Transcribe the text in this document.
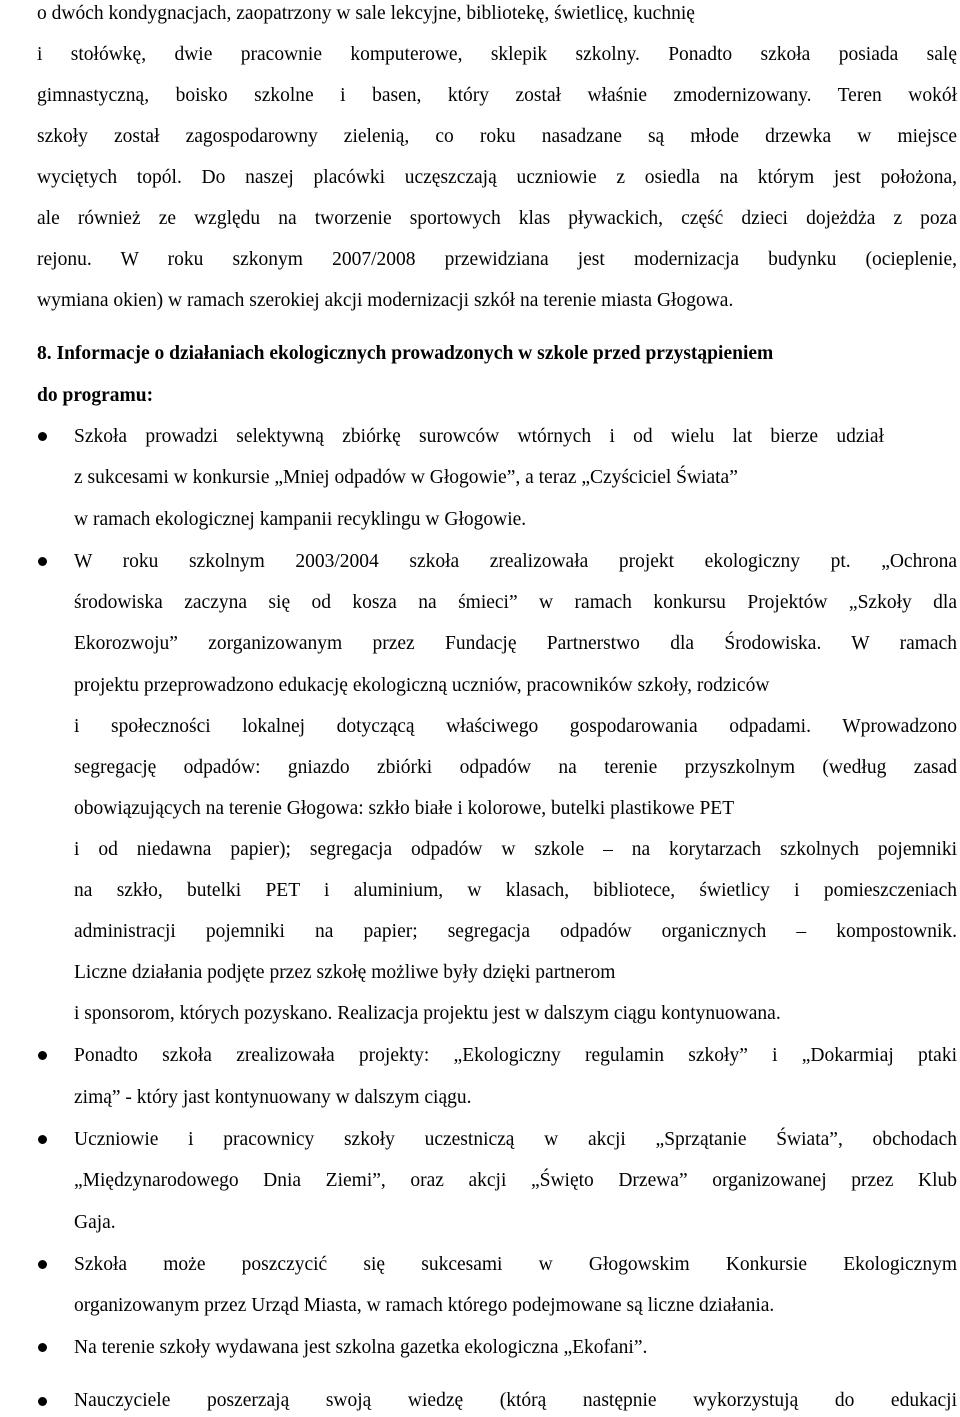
o dwóch kondygnacjach, zaopatrzony w sale lekcyjne, bibliotekę, świetlicę, kuchnię
i stołówkę, dwie pracownie komputerowe, sklepik szkolny. Ponadto szkoła posiada salę
gimnastyczną, boisko szkolne i basen, który został właśnie zmodernizowany. Teren wokół
szkoły został zagospodarowny zielenią, co roku nasadzane są młode drzewka w miejsce
wyciętych topól. Do naszej placówki uczęszczają uczniowie z osiedla na którym jest położona,
ale również ze względu na tworzenie sportowych klas pływackich, część dzieci dojeżdża z poza
rejonu. W roku szkonym 2007/2008 przewidziana jest modernizacja budynku (ocieplenie,
wymiana okien) w ramach szerokiej akcji modernizacji szkół na terenie miasta Głogowa.
8. Informacje o działaniach ekologicznych prowadzonych w szkole przed przystąpieniem
do programu:
Szkoła prowadzi selektywną zbiórkę surowców wtórnych i od wielu lat bierze udział
z sukcesami w konkursie „Mniej odpadów w Głogowie”, a teraz „Czyściciel Świata”
w ramach ekologicznej kampanii recyklingu w Głogowie.
W roku szkolnym 2003/2004 szkoła zrealizowała projekt ekologiczny pt. „Ochrona
środowiska zaczyna się od kosza na śmieci” w ramach konkursu Projektów „Szkoły dla
Ekorozwoju” zorganizowanym przez Fundację Partnerstwo dla Środowiska. W ramach
projektu przeprowadzono edukację ekologiczną uczniów, pracowników szkoły, rodziców
i społeczności lokalnej dotyczącą właściwego gospodarowania odpadami. Wprowadzono
segregację odpadów: gniazdo zbiórki odpadów na terenie przyszkolnym (według zasad
obowiązujących na terenie Głogowa: szkło białe i kolorowe, butelki plastikowe PET
i od niedawna papier); segregacja odpadów w szkole – na korytarzach szkolnych pojemniki
na szkło, butelki PET i aluminium, w klasach, bibliotece, świetlicy i pomieszczeniach
administracji pojemniki na papier; segregacja odpadów organicznych – kompostownik.
Liczne działania podjęte przez szkołę możliwe były dzięki partnerom
i sponsorom, których pozyskano. Realizacja projektu jest w dalszym ciągu kontynuowana.
Ponadto szkoła zrealizowała projekty: „Ekologiczny regulamin szkoły” i „Dokarmiaj ptaki
zimą” - który jast kontynuowany w dalszym ciągu.
Uczniowie i pracownicy szkoły uczestniczą w akcji „Sprzątanie Świata”, obchodach
„Międzynarodowego Dnia Ziemi”, oraz akcji „Święto Drzewa” organizowanej przez Klub
Gaja.
Szkoła może poszczycić się sukcesami w Głogowskim Konkursie Ekologicznym
organizowanym przez Urząd Miasta, w ramach którego podejmowane są liczne działania.
Na terenie szkoły wydawana jest szkolna gazetka ekologiczna „Ekofani”.
Nauczyciele poszerzają swoją wiedzę (którą następnie wykorzystują do edukacji
